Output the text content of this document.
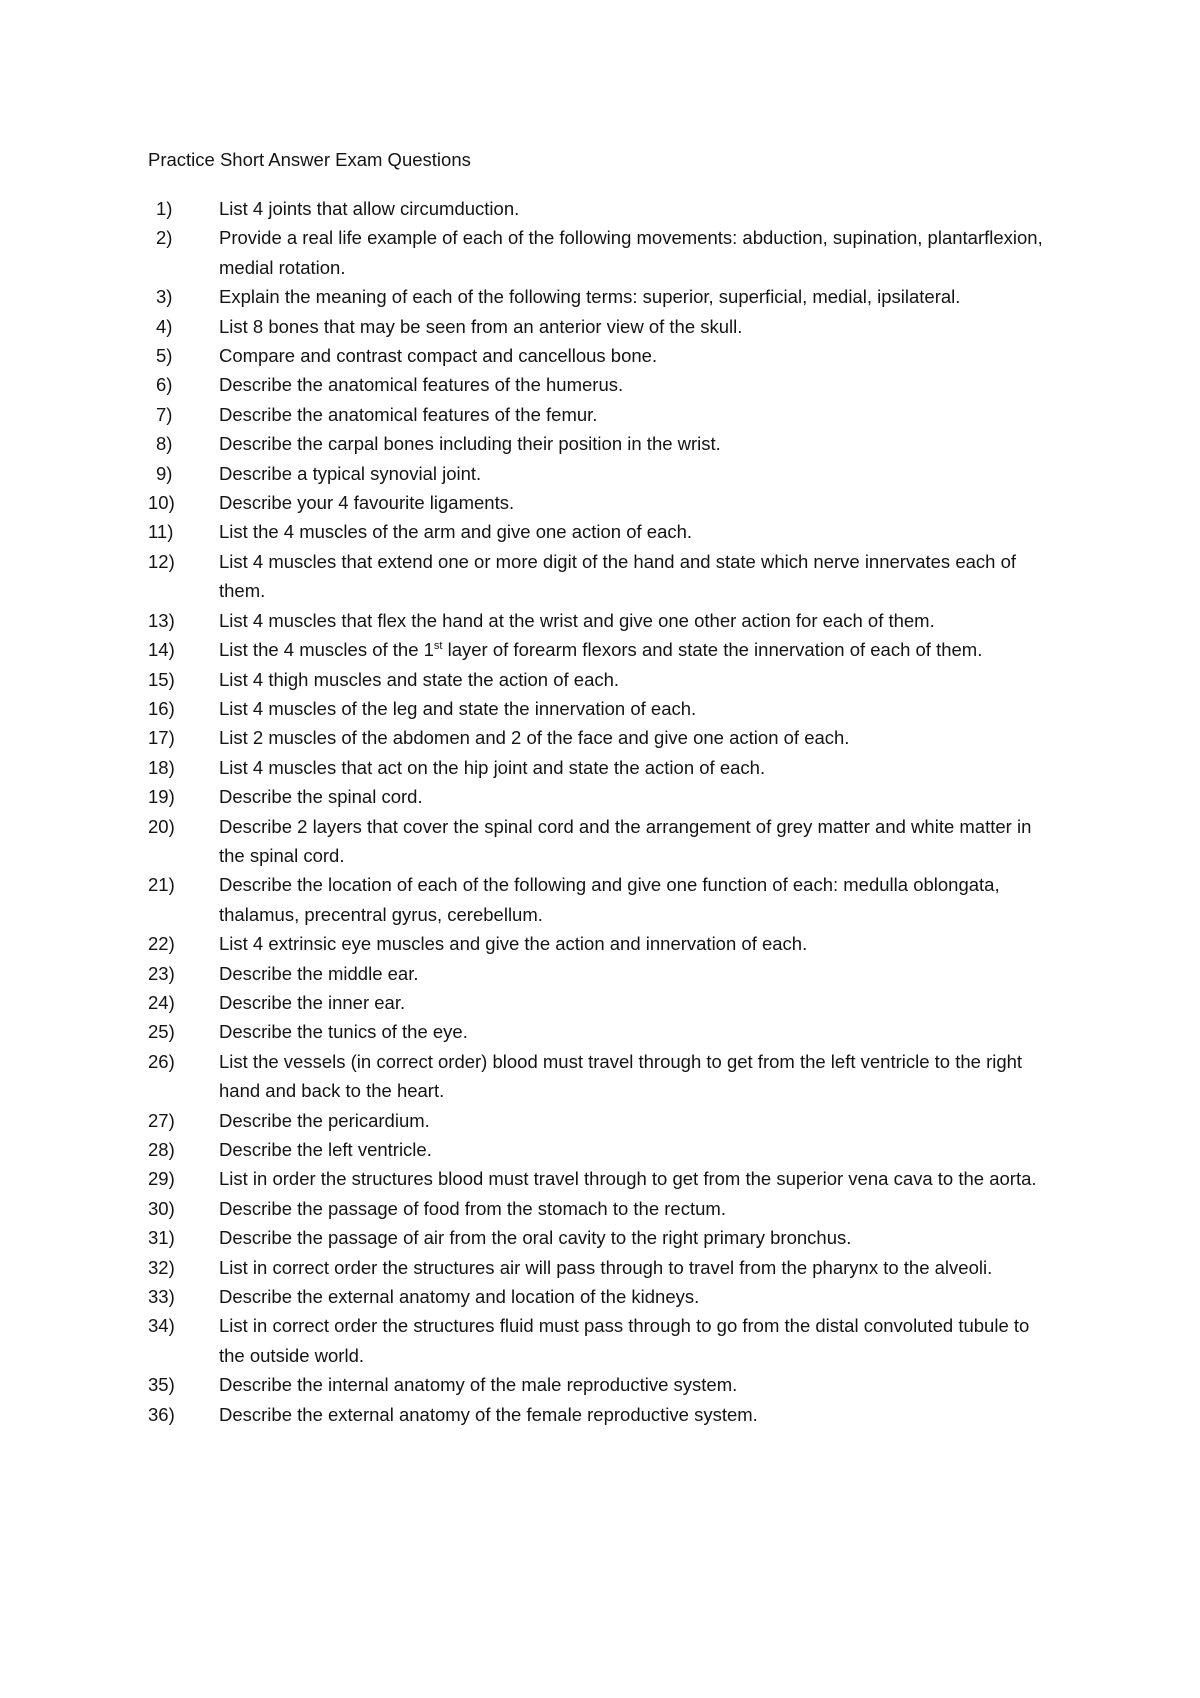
Practice Short Answer Exam Questions
1)	List 4 joints that allow circumduction.
2)	Provide a real life example of each of the following movements: abduction, supination, plantarflexion, medial rotation.
3)	Explain the meaning of each of the following terms: superior, superficial, medial, ipsilateral.
4)	List 8 bones that may be seen from an anterior view of the skull.
5)	Compare and contrast compact and cancellous bone.
6)	Describe the anatomical features of the humerus.
7)	Describe the anatomical features of the femur.
8)	Describe the carpal bones including their position in the wrist.
9)	Describe a typical synovial joint.
10)	Describe your 4 favourite ligaments.
11)	List the 4 muscles of the arm and give one action of each.
12)	List 4 muscles that extend one or more digit of the hand and state which nerve innervates each of them.
13)	List 4 muscles that flex the hand at the wrist and give one other action for each of them.
14)	List the 4 muscles of the 1st layer of forearm flexors and state the innervation of each of them.
15)	List 4 thigh muscles and state the action of each.
16)	List 4 muscles of the leg and state the innervation of each.
17)	List 2 muscles of the abdomen and 2 of the face and give one action of each.
18)	List 4 muscles that act on the hip joint and state the action of each.
19)	Describe the spinal cord.
20)	Describe 2 layers that cover the spinal cord and the arrangement of grey matter and white matter in the spinal cord.
21)	Describe the location of each of the following and give one function of each: medulla oblongata, thalamus, precentral gyrus, cerebellum.
22)	List 4 extrinsic eye muscles and give the action and innervation of each.
23)	Describe the middle ear.
24)	Describe the inner ear.
25)	Describe the tunics of the eye.
26)	List the vessels (in correct order) blood must travel through to get from the left ventricle to the right hand and back to the heart.
27)	Describe the pericardium.
28)	Describe the left ventricle.
29)	List in order the structures blood must travel through to get from the superior vena cava to the aorta.
30)	Describe the passage of food from the stomach to the rectum.
31)	Describe the passage of air from the oral cavity to the right primary bronchus.
32)	List in correct order the structures air will pass through to travel from the pharynx to the alveoli.
33)	Describe the external anatomy and location of the kidneys.
34)	List in correct order the structures fluid must pass through to go from the distal convoluted tubule to the outside world.
35)	Describe the internal anatomy of the male reproductive system.
36)	Describe the external anatomy of the female reproductive system.
